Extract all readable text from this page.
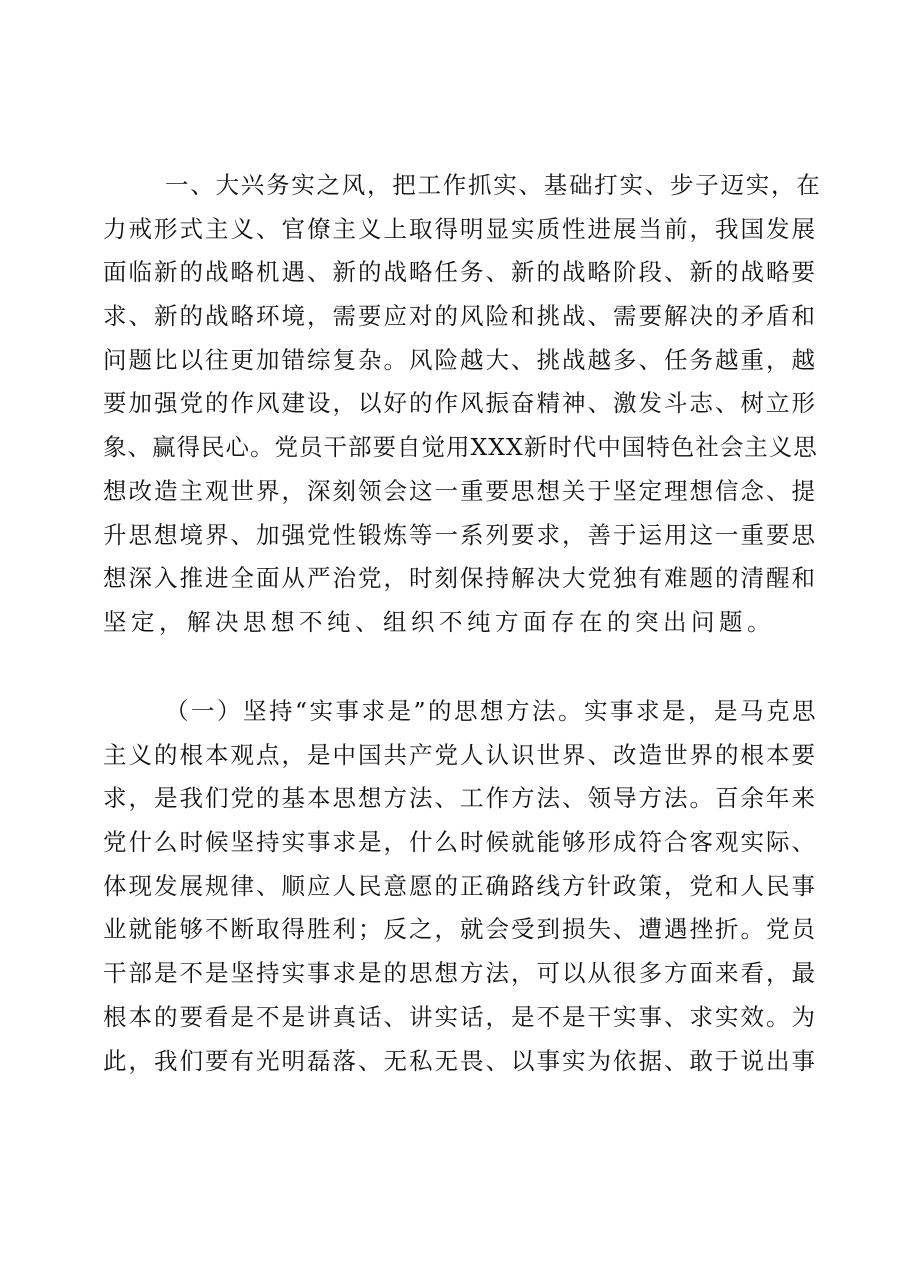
一、大兴务实之风，把工作抓实、基础打实、步子迈实，在
力戒形式主义、官僚主义上取得明显实质性进展当前，我国发展
面临新的战略机遇、新的战略任务、新的战略阶段、新的战略要
求、新的战略环境，需要应对的风险和挑战、需要解决的矛盾和
问题比以往更加错综复杂。风险越大、挑战越多、任务越重，越
要加强党的作风建设，以好的作风振奋精神、激发斗志、树立形
象、赢得民心。党员干部要自觉用XXX新时代中国特色社会主义思
想改造主观世界，深刻领会这一重要思想关于坚定理想信念、提
升思想境界、加强党性锻炼等一系列要求，善于运用这一重要思
想深入推进全面从严治党，时刻保持解决大党独有难题的清醒和
坚定，解决思想不纯、组织不纯方面存在的突出问题。
（一）坚持“实事求是”的思想方法。实事求是，是马克思
主义的根本观点，是中国共产党人认识世界、改造世界的根本要
求，是我们党的基本思想方法、工作方法、领导方法。百余年来
党什么时候坚持实事求是，什么时候就能够形成符合客观实际、
体现发展规律、顺应人民意愿的正确路线方针政策，党和人民事
业就能够不断取得胜利；反之，就会受到损失、遭遇挫折。党员
干部是不是坚持实事求是的思想方法，可以从很多方面来看，最
根本的要看是不是讲真话、讲实话，是不是干实事、求实效。为
此，我们要有光明磊落、无私无畏、以事实为依据、敢于说出事
